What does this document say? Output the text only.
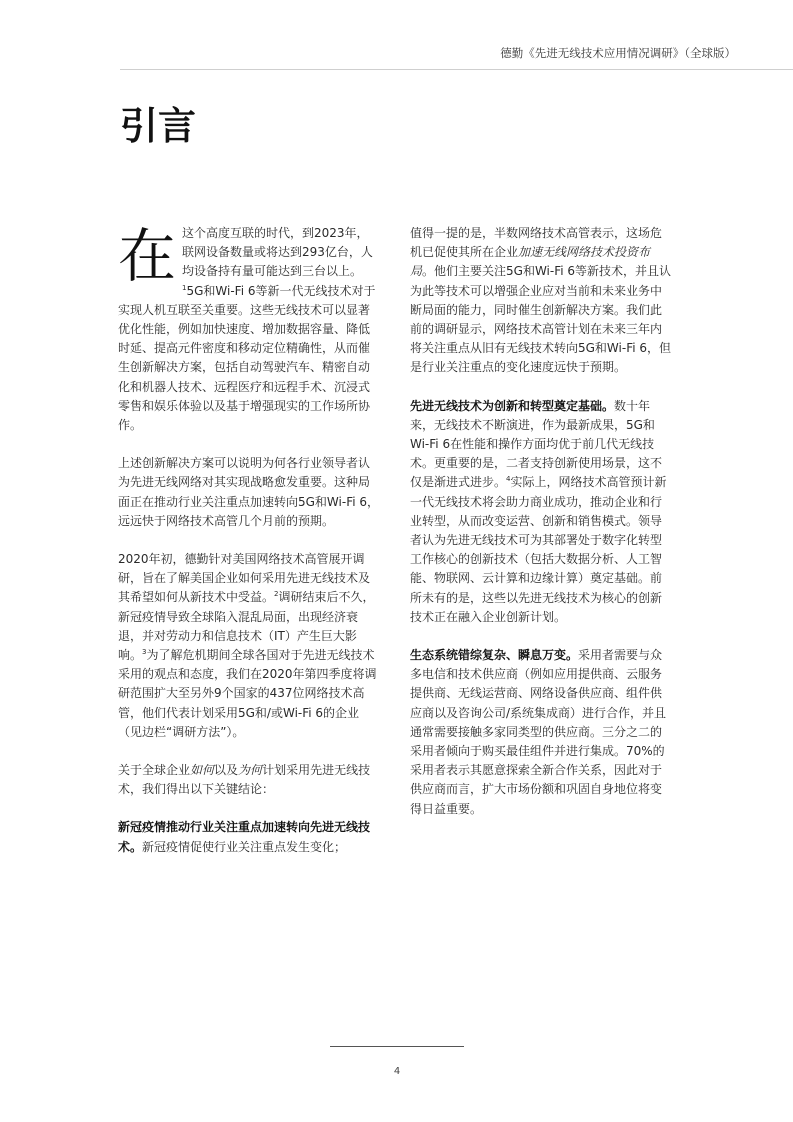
德勤《先进无线技术应用情况调研》（全球版）
引言

在这个高度互联的时代，到2023年，联网设备数量或将达到293亿台，人均设备持有量可能达到三台以上。$^1$5G和Wi-Fi 6等新一代无线技术对于实现人机互联至关重要。这些无线技术可以显著优化性能，例如加快速度、增加数据容量、降低时延、提高元件密度和移动定位精确性，从而催生创新解决方案，包括自动驾驶汽车、精密自动化和机器人技术、远程医疗和远程手术、沉浸式零售和娱乐体验以及基于增强现实的工作场所协作。

上述创新解决方案可以说明为何各行业领导者认为先进无线网络对其实现战略愈发重要。这种局面正在推动行业关注重点加速转向5G和Wi-Fi 6，远远快于网络技术高管几个月前的预期。

2020年初，德勤针对美国网络技术高管展开调研，旨在了解美国企业如何采用先进无线技术及其希望如何从新技术中受益。$^2$调研结束后不久，新冠疫情导致全球陷入混乱局面，出现经济衰退，并对劳动力和信息技术（IT）产生巨大影响。$^3$为了解危机期间全球各国对于先进无线技术采用的观点和态度，我们在2020年第四季度将调研范围扩大至另外9个国家的437位网络技术高管，他们代表计划采用5G和/或Wi-Fi 6的企业（见边栏“调研方法”）。

关于全球企业如何以及为何计划采用先进无线技术，我们得出以下关键结论：

新冠疫情推动行业关注重点加速转向先进无线技术。新冠疫情促使行业关注重点发生变化；

值得一提的是，半数网络技术高管表示，这场危机已促使其所在企业加速无线网络技术投资布局。他们主要关注5G和Wi-Fi 6等新技术，并且认为此等技术可以增强企业应对当前和未来业务中断局面的能力，同时催生创新解决方案。我们此前的调研显示，网络技术高管计划在未来三年内将关注重点从旧有无线技术转向5G和Wi-Fi 6，但是行业关注重点的变化速度远快于预期。

先进无线技术为创新和转型奠定基础。数十年来，无线技术不断演进，作为最新成果，5G和Wi-Fi 6在性能和操作方面均优于前几代无线技术。更重要的是，二者支持创新使用场景，这不仅是渐进式进步。$^4$实际上，网络技术高管预计新一代无线技术将会助力商业成功，推动企业和行业转型，从而改变运营、创新和销售模式。领导者认为先进无线技术可为其部署处于数字化转型工作核心的创新技术（包括大数据分析、人工智能、物联网、云计算和边缘计算）奠定基础。前所未有的是，这些以先进无线技术为核心的创新技术正在融入企业创新计划。

生态系统错综复杂、瞬息万变。采用者需要与众多电信和技术供应商（例如应用提供商、云服务提供商、无线运营商、网络设备供应商、组件供应商以及咨询公司/系统集成商）进行合作，并且通常需要接触多家同类型的供应商。三分之二的采用者倾向于购买最佳组件并进行集成。70%的采用者表示其愿意探索全新合作关系，因此对于供应商而言，扩大市场份额和巩固自身地位将变得日益重要。

4
